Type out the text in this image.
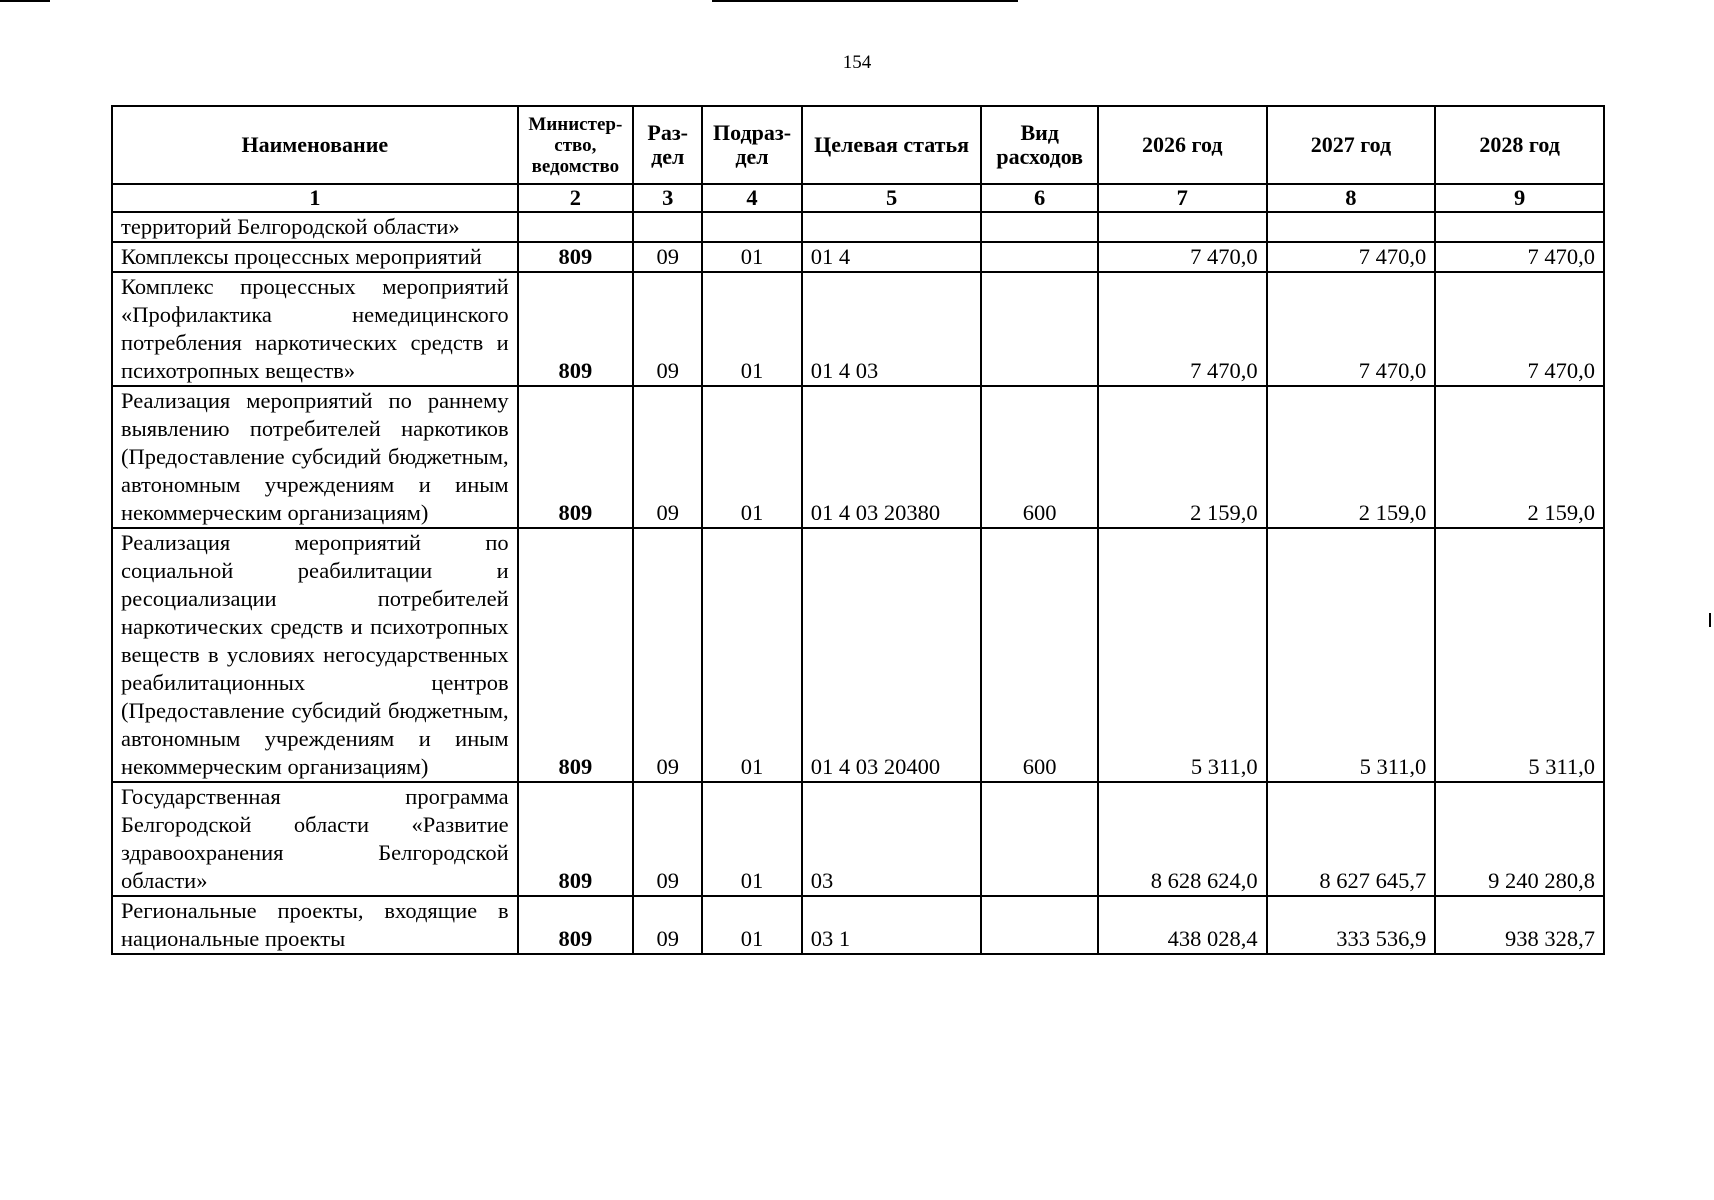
154
Наименование	Министер-ство, ведомство	Раз-дел	Подраз-дел	Целевая статья	Вид расходов	2026 год	2027 год	2028 год
1	2	3	4	5	6	7	8	9
территорий Белгородской области»								
Комплексы процессных мероприятий	809	09	01	01 4		7 470,0	7 470,0	7 470,0
Комплекс процессных мероприятий «Профилактика немедицинского потребления наркотических средств и психотропных веществ»	809	09	01	01 4 03		7 470,0	7 470,0	7 470,0
Реализация мероприятий по раннему выявлению потребителей наркотиков (Предоставление субсидий бюджетным, автономным учреждениям и иным некоммерческим организациям)	809	09	01	01 4 03 20380	600	2 159,0	2 159,0	2 159,0
Реализация мероприятий по социальной реабилитации и ресоциализации потребителей наркотических средств и психотропных веществ в условиях негосударственных реабилитационных центров (Предоставление субсидий бюджетным, автономным учреждениям и иным некоммерческим организациям)	809	09	01	01 4 03 20400	600	5 311,0	5 311,0	5 311,0
Государственная программа Белгородской области «Развитие здравоохранения Белгородской области»	809	09	01	03		8 628 624,0	8 627 645,7	9 240 280,8
Региональные проекты, входящие в национальные проекты	809	09	01	03 1		438 028,4	333 536,9	938 328,7
